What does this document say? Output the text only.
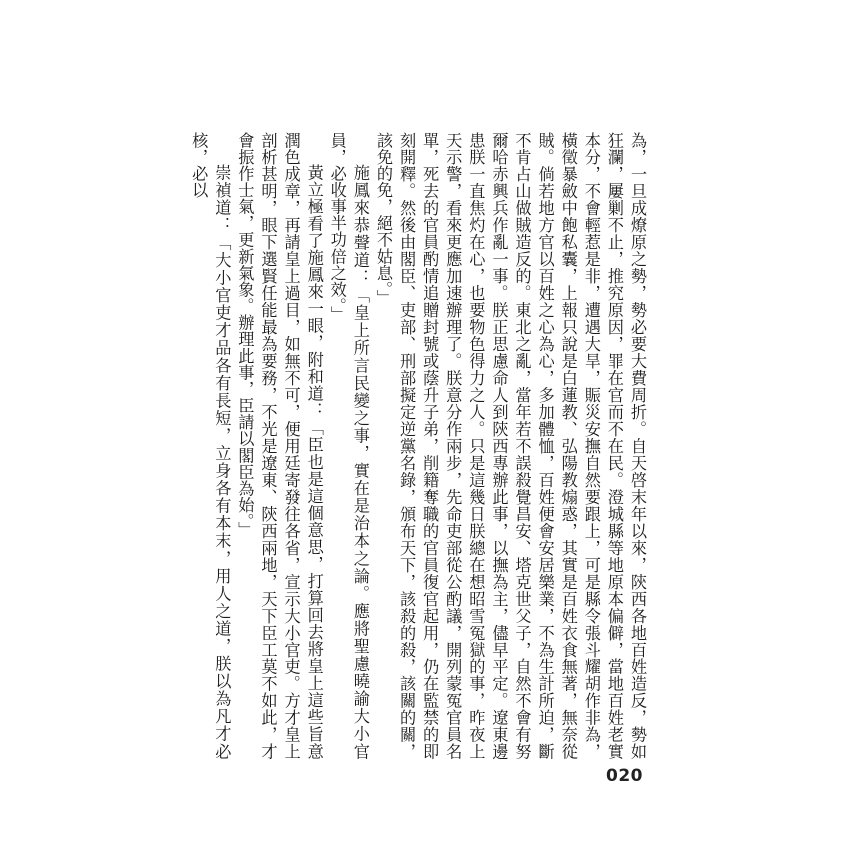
為，一旦成燎原之勢，勢必要大費周折。自天啓末年以來，陝西各地百姓造反，勢如狂瀾，屢剿不止，推究原因，罪在官而不在民。澄城縣等地原本偏僻，當地百姓老實本分，不會輕惹是非，遭遇大旱，賑災安撫自然要跟上，可是縣令張斗耀胡作非為，橫徵暴斂中飽私囊，上報只說是白蓮教、弘陽教煽惑，其實是百姓衣食無著，無奈從賊。倘若地方官以百姓之心為心，多加體恤，百姓便會安居樂業，不為生計所迫，斷不肯占山做賊造反的。東北之亂，當年若不誤殺覺昌安、塔克世父子，自然不會有努爾哈赤興兵作亂一事。朕正思慮命人到陝西專辦此事，以撫為主，儘早平定。遼東邊患朕一直焦灼在心，也要物色得力之人。只是這幾日朕總在想昭雪冤獄的事，昨夜上天示警，看來更應加速辦理了。朕意分作兩步，先命吏部從公酌議，開列蒙冤官員名單，死去的官員酌情追贈封號或蔭升子弟，削籍奪職的官員復官起用，仍在監禁的即刻開釋。然後由閣臣、吏部、刑部擬定逆黨名錄，頒布天下，該殺的殺，該關的關，該免的免，絕不姑息。」

施鳳來恭聲道：「皇上所言民變之事，實在是治本之論。應將聖慮曉諭大小官員，必收事半功倍之效。」

黃立極看了施鳳來一眼，附和道：「臣也是這個意思，打算回去將皇上這些旨意潤色成章，再請皇上過目，如無不可，便用廷寄發往各省，宣示大小官吏。方才皇上剖析甚明，眼下選賢任能最為要務，不光是遼東、陝西兩地，天下臣工莫不如此，才會振作士氣，更新氣象。辦理此事，臣請以閣臣為始。」

崇禎道：「大小官吏才品各有長短，立身各有本末，用人之道，朕以為凡才必核，必以

020
